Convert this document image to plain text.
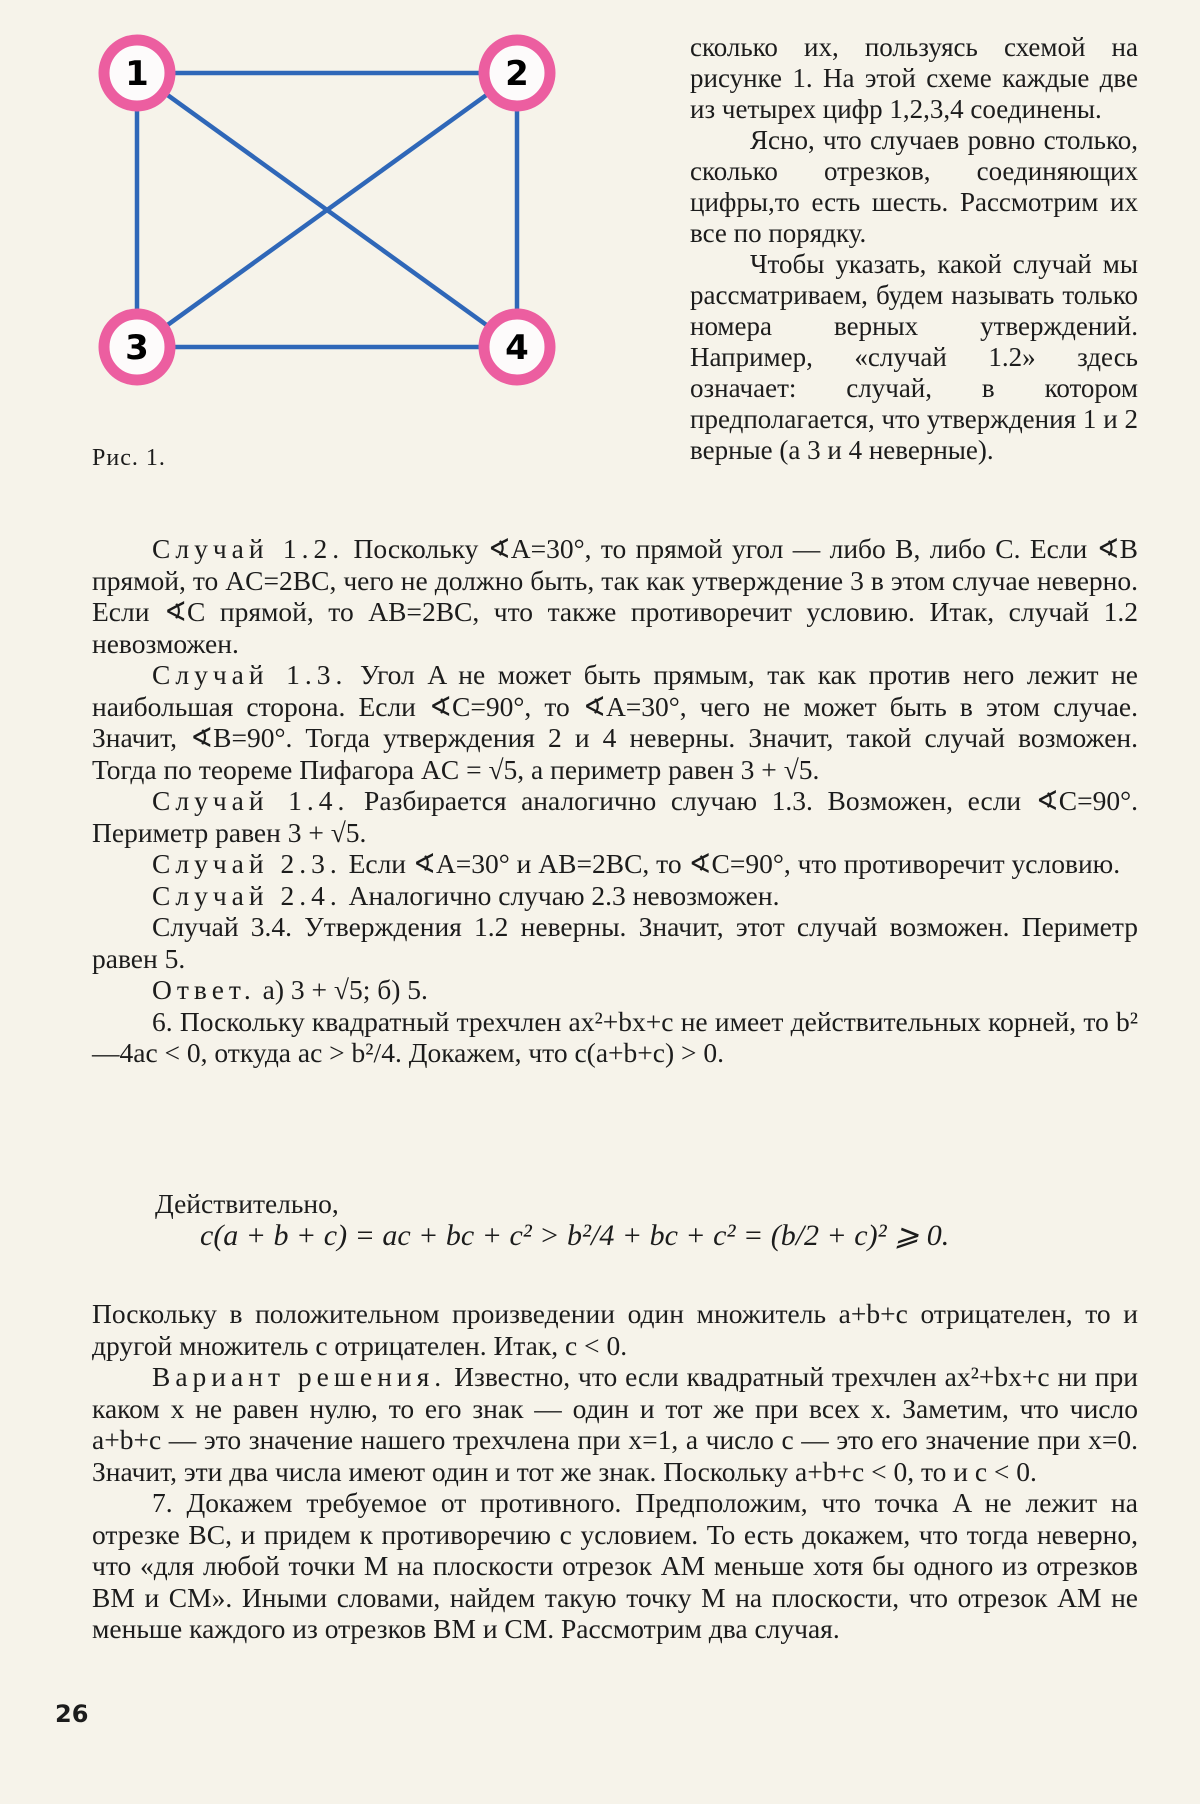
1	2
3	4
Рис. 1.

сколько их, пользуясь схемой на рисунке 1. На этой схеме каждые две из четырех цифр 1,2,3,4 соединены.

Ясно, что случаев ровно столько, сколько отрезков, соединяющих цифры,то есть шесть. Рассмотрим их все по порядку.

Чтобы указать, какой случай мы рассматриваем, будем называть только номера верных утверждений. Например, «случай 1.2» здесь означает: случай, в котором предполагается, что утверждения 1 и 2 верные (а 3 и 4 неверные).

Случай 1.2. Поскольку ∢A=30°, то прямой угол — либо B, либо C. Если ∢B прямой, то AC=2BC, чего не должно быть, так как утверждение 3 в этом случае неверно. Если ∢C прямой, то AB=2BC, что также противоречит условию. Итак, случай 1.2 невозможен.

Случай 1.3. Угол A не может быть прямым, так как против него лежит не наибольшая сторона. Если ∢C=90°, то ∢A=30°, чего не может быть в этом случае. Значит, ∢B=90°. Тогда утверждения 2 и 4 неверны. Значит, такой случай возможен. Тогда по теореме Пифагора AC = √5, а периметр равен 3 + √5.

Случай 1.4. Разбирается аналогично случаю 1.3. Возможен, если ∢C=90°. Периметр равен 3 + √5.

Случай 2.3. Если ∢A=30° и AB=2BC, то ∢C=90°, что противоречит условию.

Случай 2.4. Аналогично случаю 2.3 невозможен.

Случай 3.4. Утверждения 1.2 неверны. Значит, этот случай возможен. Периметр равен 5.

Ответ. а) 3 + √5; б) 5.

6. Поскольку квадратный трехчлен ax²+bx+c не имеет действительных корней, то b²—4ac < 0, откуда ac > b²/4. Докажем, что c(a+b+c) > 0.

Действительно,
c(a + b + c) = ac + bc + c² > b²/4 + bc + c² = (b/2 + c)² ⩾ 0.

Поскольку в положительном произведении один множитель a+b+c отрицателен, то и другой множитель c отрицателен. Итак, c < 0.

Вариант решения. Известно, что если квадратный трехчлен ax²+bx+c ни при каком x не равен нулю, то его знак — один и тот же при всех x. Заметим, что число a+b+c — это значение нашего трехчлена при x=1, а число c — это его значение при x=0. Значит, эти два числа имеют один и тот же знак. Поскольку a+b+c < 0, то и c < 0.

7. Докажем требуемое от противного. Предположим, что точка A не лежит на отрезке BC, и придем к противоречию с условием. То есть докажем, что тогда неверно, что «для любой точки M на плоскости отрезок AM меньше хотя бы одного из отрезков BM и CM». Иными словами, найдем такую точку M на плоскости, что отрезок AM не меньше каждого из отрезков BM и CM. Рассмотрим два случая.

26
